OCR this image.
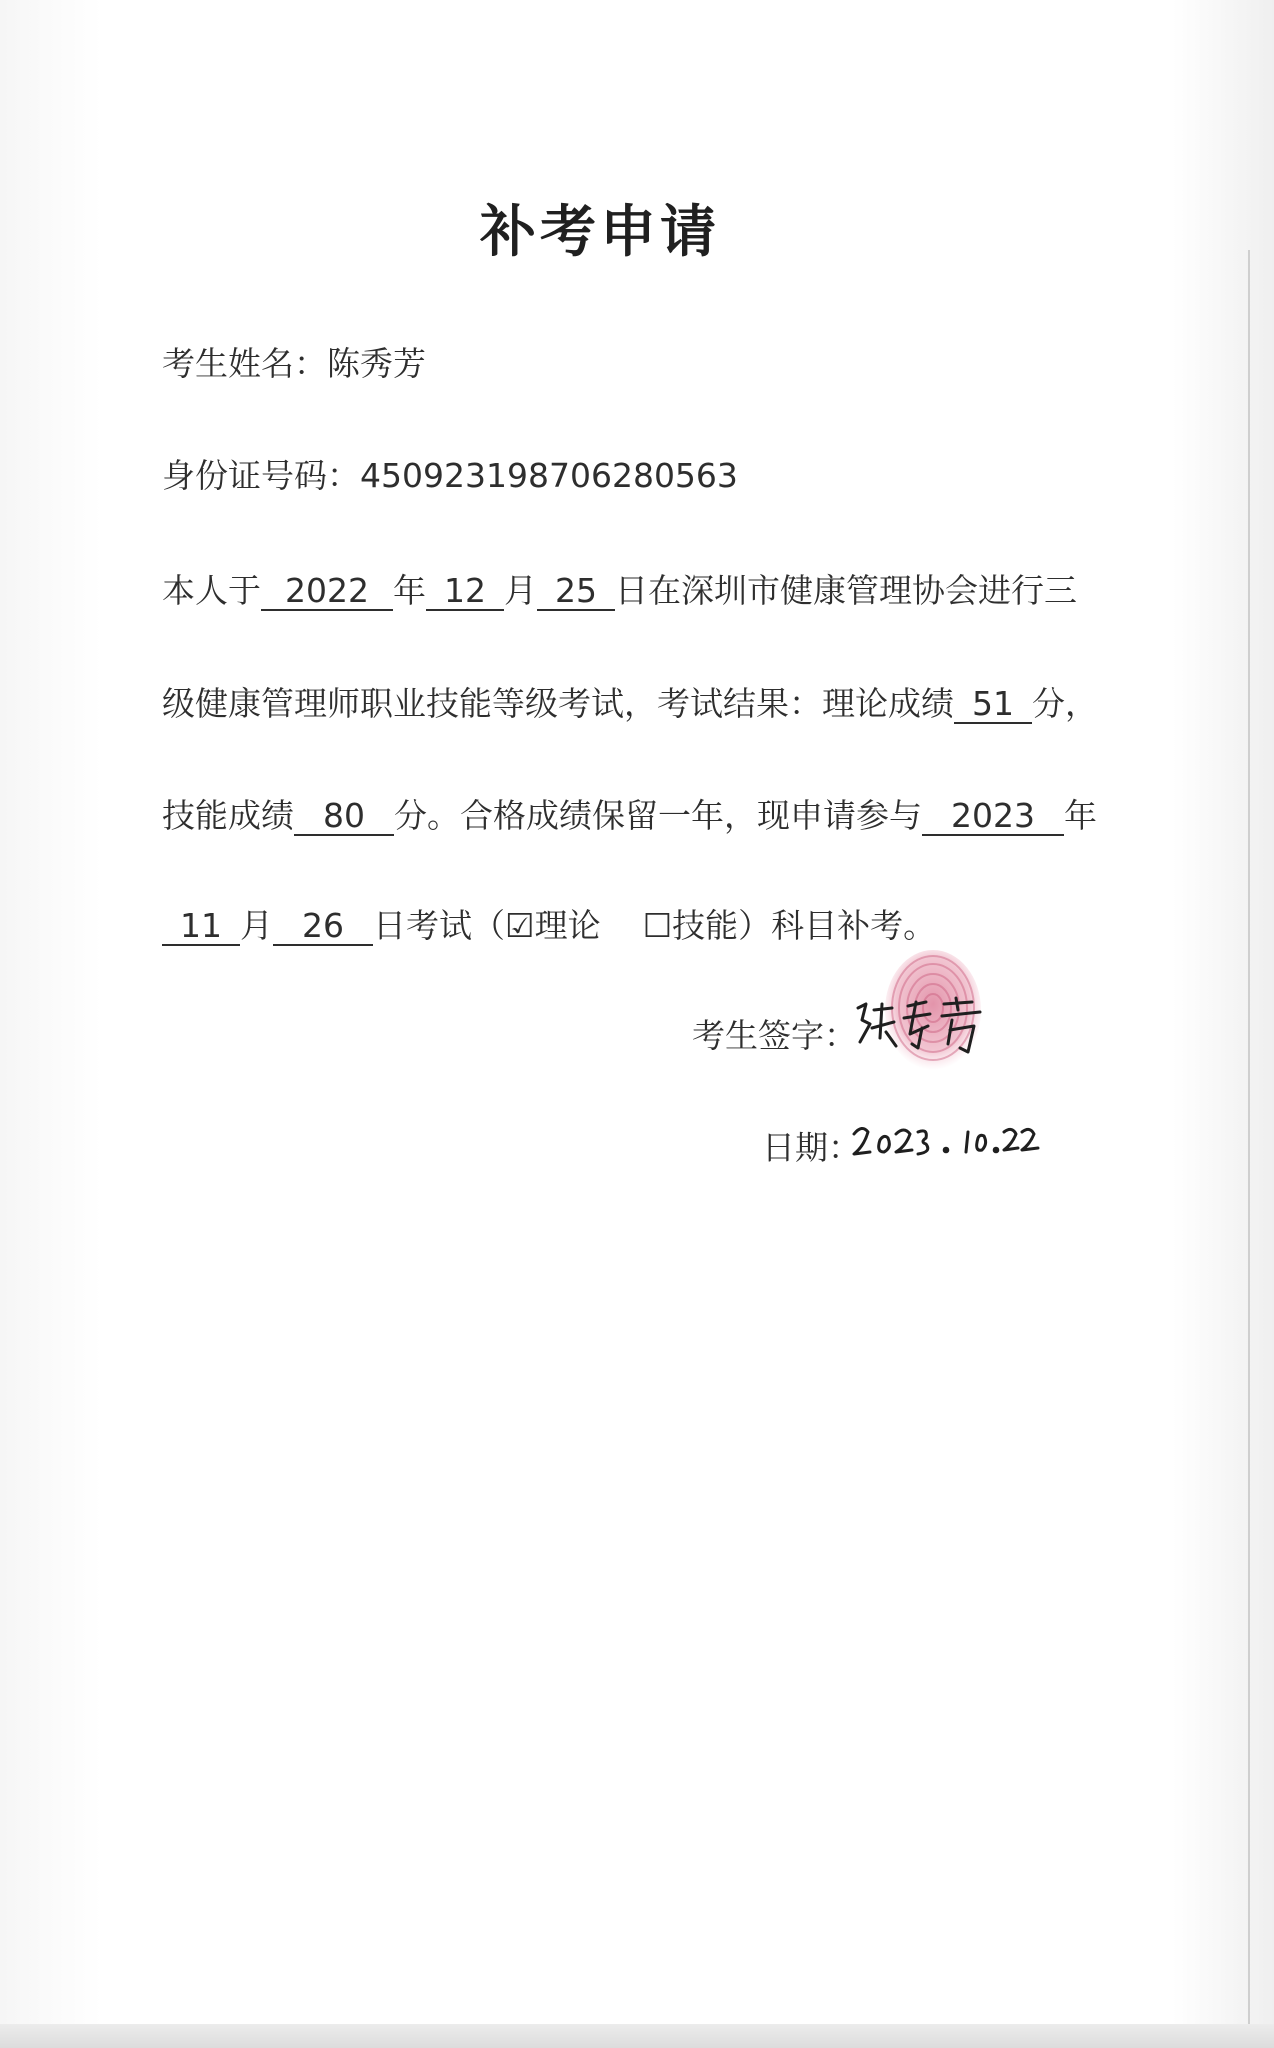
补考申请
考生姓名：陈秀芳
身份证号码：450923198706280563
本人于 2022 年 12 月 25 日在深圳市健康管理协会进行三
级健康管理师职业技能等级考试，考试结果：理论成绩 51 分，
技能成绩 80 分。合格成绩保留一年，现申请参与 2023 年
11 月 26 日考试（☑理论 ☐技能）科目补考。
考生签字：
日期：
